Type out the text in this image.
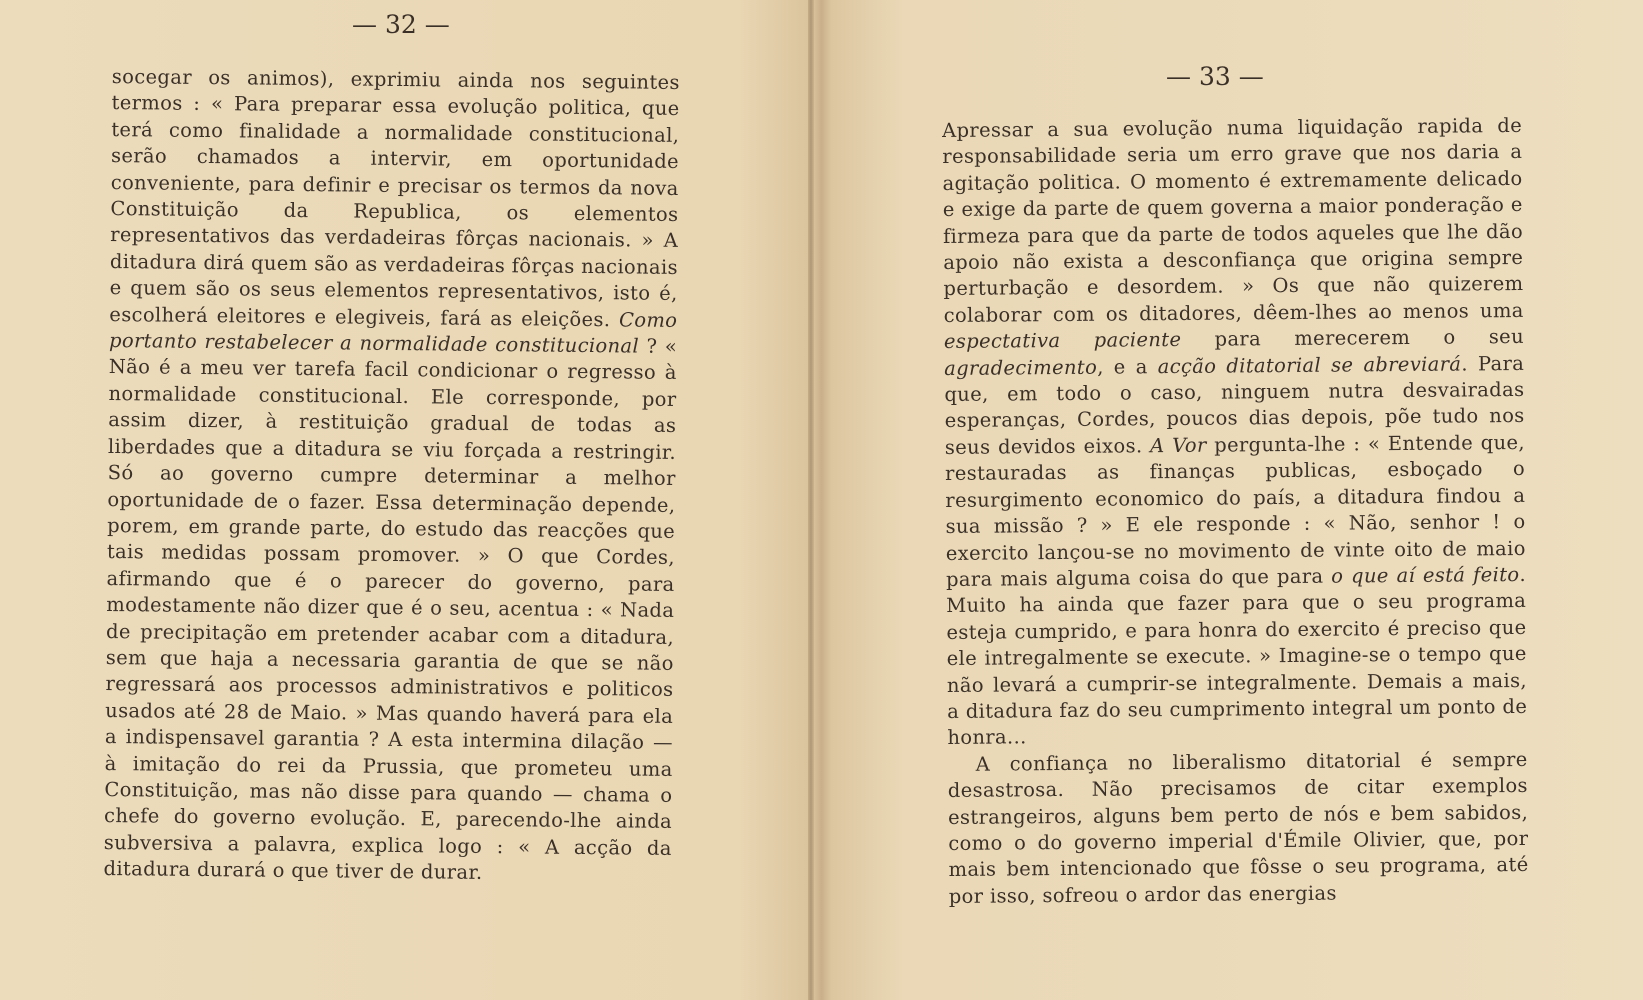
— 32 —

socegar os animos), exprimiu ainda nos seguintes termos : « Para preparar essa evolução politica, que terá como finalidade a normalidade constitucional, serão chamados a intervir, em oportunidade conveniente, para definir e precisar os termos da nova Constituição da Republica, os elementos representativos das verdadeiras fôrças nacionais. » A ditadura dirá quem são as verdadeiras fôrças nacionais e quem são os seus elementos representativos, isto é, escolherá eleitores e elegiveis, fará as eleições. Como portanto restabelecer a normalidade constitucional ? « Não é a meu ver tarefa facil condicionar o regresso à normalidade constitucional. Ele corresponde, por assim dizer, à restituição gradual de todas as liberdades que a ditadura se viu forçada a restringir. Só ao governo cumpre determinar a melhor oportunidade de o fazer. Essa determinação depende, porem, em grande parte, do estudo das reacções que tais medidas possam promover. » O que Cordes, afirmando que é o parecer do governo, para modestamente não dizer que é o seu, acentua : « Nada de precipitação em pretender acabar com a ditadura, sem que haja a necessaria garantia de que se não regressará aos processos administrativos e politicos usados até 28 de Maio. » Mas quando haverá para ela a indispensavel garantia ? A esta intermina dilação — à imitação do rei da Prussia, que prometeu uma Constituição, mas não disse para quando — chama o chefe do governo evolução. E, parecendo-lhe ainda subversiva a palavra, explica logo : « A acção da ditadura durará o que tiver de durar.

— 33 —

Apressar a sua evolução numa liquidação rapida de responsabilidade seria um erro grave que nos daria a agitação politica. O momento é extremamente delicado e exige da parte de quem governa a maior ponderação e firmeza para que da parte de todos aqueles que lhe dão apoio não exista a desconfiança que origina sempre perturbação e desordem. » Os que não quizerem colaborar com os ditadores, dêem-lhes ao menos uma espectativa paciente para merecerem o seu agradecimento, e a acção ditatorial se abreviará. Para que, em todo o caso, ninguem nutra desvairadas esperanças, Cordes, poucos dias depois, põe tudo nos seus devidos eixos. A Vor pergunta-lhe : « Entende que, restauradas as finanças publicas, esboçado o resurgimento economico do país, a ditadura findou a sua missão ? » E ele responde : « Não, senhor ! o exercito lançou-se no movimento de vinte oito de maio para mais alguma coisa do que para o que aí está feito. Muito ha ainda que fazer para que o seu programa esteja cumprido, e para honra do exercito é preciso que ele intregalmente se execute. » Imagine-se o tempo que não levará a cumprir-se integralmente. Demais a mais, a ditadura faz do seu cumprimento integral um ponto de honra...

A confiança no liberalismo ditatorial é sempre desastrosa. Não precisamos de citar exemplos estrangeiros, alguns bem perto de nós e bem sabidos, como o do governo imperial d'Émile Olivier, que, por mais bem intencionado que fôsse o seu programa, até por isso, sofreou o ardor das energias
